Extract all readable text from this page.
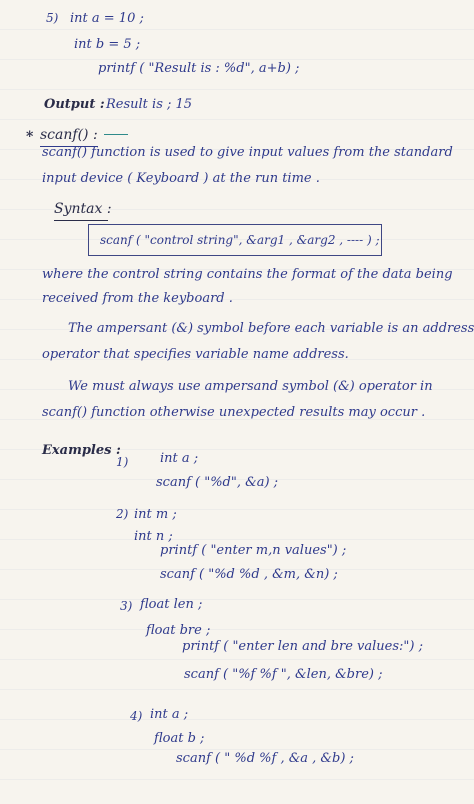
5) int a = 10 ;
int b = 5 ;
printf ( "Result is : %d", a+b) ;
Output : Result is ; 15
* scanf() :
scanf() function is used to give input values from the standard
input device ( Keyboard ) at the run time .
Syntax :
scanf ( "control string", &arg1 , &arg2 , ---- ) ;
where the control string contains the format of the data being
received from the keyboard .
The ampersant (&) symbol before each variable is an address
operator that specifies variable name address.
We must always use ampersand symbol (&) operator in
scanf() function otherwise unexpected results may occur .
Examples :
1) int a ;
scanf ( "%d", &a) ;
2) int m ;
int n ;
printf ( "enter m,n values") ;
scanf ( "%d %d , &m, &n) ;
3) float len ;
float bre ;
printf ( "enter len and bre values:") ;
scanf ( "%f %f ", &len, &bre) ;
4) int a ;
float b ;
scanf ( " %d %f , &a , &b) ;
